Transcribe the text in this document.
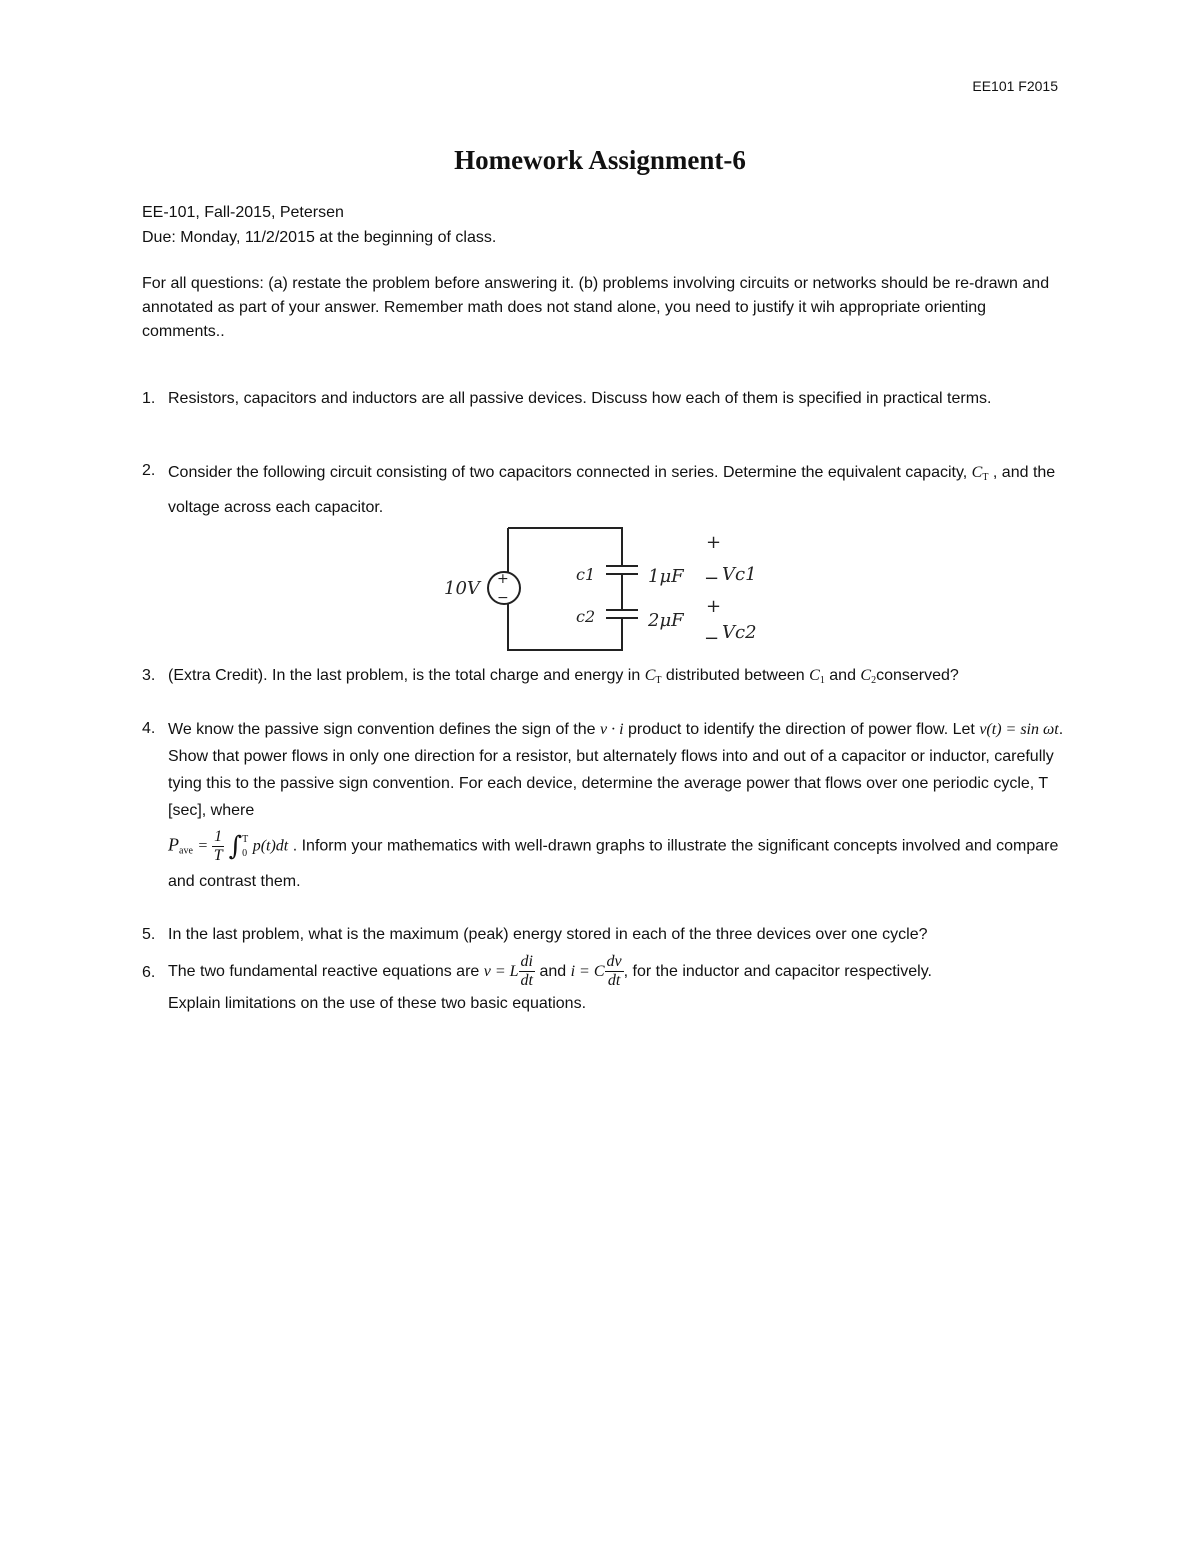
EE101 F2015
Homework Assignment-6
EE-101, Fall-2015, Petersen
Due: Monday, 11/2/2015 at the beginning of class.
For all questions: (a) restate the problem before answering it. (b) problems involving circuits or networks should be re-drawn and annotated as part of your answer. Remember math does not stand alone, you need to justify it wih appropriate orienting comments..
1. Resistors, capacitors and inductors are all passive devices. Discuss how each of them is specified in practical terms.
2. Consider the following circuit consisting of two capacitors connected in series. Determine the equivalent capacity, $C_T$ , and the voltage across each capacitor.
+
−
10V
c1	1μF
c2	2μF
+
− Vc1
+
− Vc2
3. (Extra Credit). In the last problem, is the total charge and energy in $C_T$ distributed between $C_1$ and $C_2conserved$?
4. We know the passive sign convention defines the sign of the v · i product to identify the direction of power flow. Let v(t) = sin ωt. Show that power flows in only one direction for a resistor, but alternately flows into and out of a capacitor or inductor, carefully tying this to the passive sign convention. For each device, determine the average power that flows over one periodic cycle, T [sec], where
$P_{ave} = \frac{1}{T}$ ∫ T
0 p(t)dt . Inform your mathematics with well-drawn graphs to illustrate the significant concepts involved and compare and contrast them.
5. In the last problem, what is the maximum (peak) energy stored in each of the three devices over one cycle?
6. The two fundamental reactive equations are v = L $\frac{di}{dt}$ and i = C $\frac{dv}{dt}$ , for the inductor and capacitor respectively.
Explain limitations on the use of these two basic equations.
